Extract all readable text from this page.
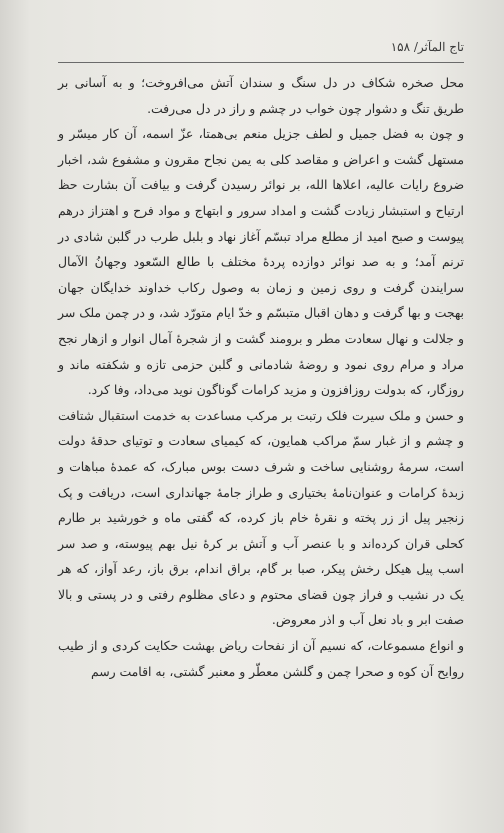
تاج المآثر/ ۱۵۸

محل صخره شکاف در دل سنگ و سندان آتش می‌افروخت؛ و به آسانی بر طریق تنگ و دشوار چون خواب در چشم و راز در دل می‌رفت.

و چون به فضل جمیل و لطف جزیل منعم بی‌همتا، عزّ اسمه، آن کار میسّر و مستهل گشت و اعراض و مقاصد کلی به یمن نجاح مقرون و مشفوع شد، اخبار ضروع رایات عالیه، اعلاها الله، بر نوائر رسیدن گرفت و بیافت آن بشارت حظ ارتیاح و استبشار زیادت گشت و امداد سرور و ابتهاج و مواد فرح و اهتزاز درهم پیوست و صبح امید از مطلع مراد تبسّم آغاز نهاد و بلبل طرب در گلبن شادی در ترنم آمد؛ و به صد نوائر دوازده پردهٔ مختلف با طالع السّعود وجهانُ الآمال سرایندن گرفت و روی زمین و زمان به وصول رکاب خداوند خدایگان جهان بهجت و بها گرفت و دهان اقبال متبسّم و خدّ ایام متورّد شد، و در چمن ملک سر و جلالت و نهال سعادت مطر و برومند گشت و از شجرهٔ آمال انوار و ازهار نجح مراد و مرام روی نمود و روضهٔ شادمانی و گلبن حزمی تازه و شکفته ماند و روزگار، که بدولت روزافزون و مزید کرامات گوناگون نوید می‌داد، وفا کرد.

و حسن و ملک سیرت فلک رتبت بر مرکب مساعدت به خدمت استقبال شتافت و چشم و از غبار سمّ مراکب همایون، که کیمیای سعادت و توتیای حدقهٔ دولت است، سرمهٔ روشنایی ساخت و شرف دست بوس مبارک، که عمدهٔ مباهات و زبدهٔ کرامات و عنوان‌نامهٔ بختیاری و طراز جامهٔ جهانداری است، دریافت و پک زنجیر پیل از زر پخته و نقرهٔ خام باز کرده، که گفتی ماه و خورشید بر طارم کحلی قران کرده‌اند و با عنصر آب و آتش بر کرهٔ نیل بهم پیوسته، و صد سر اسب پیل هیکل رخش پیکر، صبا بر گام، براق اندام، برق باز، رعد آواز، که هر یک در نشیب و فراز چون قضای محتوم و دعای مظلوم رفتی و در پستی و بالا صفت ابر و باد نعل آب و اذر معروض.

و انواع مسموعات، که نسیم آن از نفحات ریاض بهشت حکایت کردی و از طیب روایح آن کوه و صحرا چمن و گلشن معطّر و معنبر گشتی، به اقامت رسم
